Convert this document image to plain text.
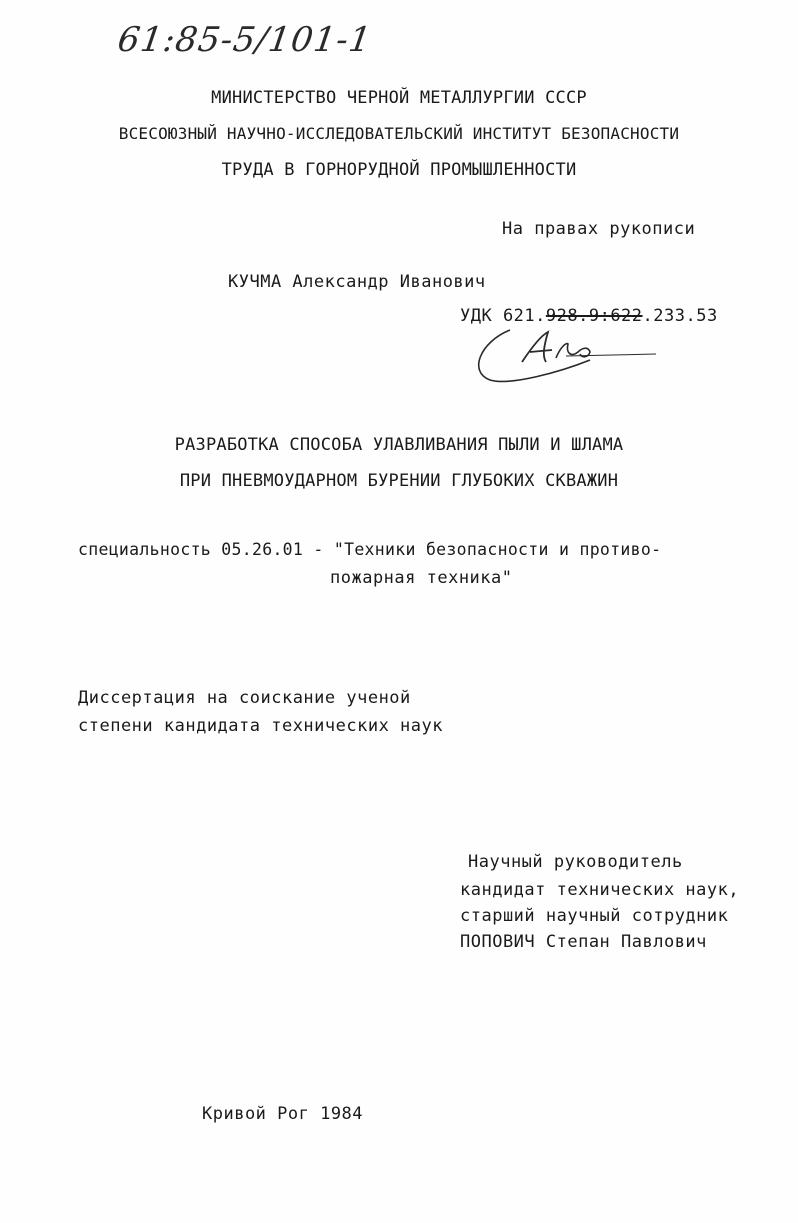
61:85-5/101-1
МИНИСТЕРСТВО ЧЕРНОЙ МЕТАЛЛУРГИИ СССР
ВСЕСОЮЗНЫЙ НАУЧНО-ИССЛЕДОВАТЕЛЬСКИЙ ИНСТИТУТ БЕЗОПАСНОСТИ
ТРУДА В ГОРНОРУДНОЙ ПРОМЫШЛЕННОСТИ
На правах рукописи
КУЧМА Александр Иванович
УДК 621.928.9:622.233.53
РАЗРАБОТКА СПОСОБА УЛАВЛИВАНИЯ ПЫЛИ И ШЛАМА
ПРИ ПНЕВМОУДАРНОМ БУРЕНИИ ГЛУБОКИХ СКВАЖИН
специальность 05.26.01 - "Техники безопасности и противо-
пожарная техника"
Диссертация на соискание ученой
степени кандидата технических наук
Научный руководитель
кандидат технических наук,
старший научный сотрудник
ПОПОВИЧ Степан Павлович
Кривой Рог 1984
